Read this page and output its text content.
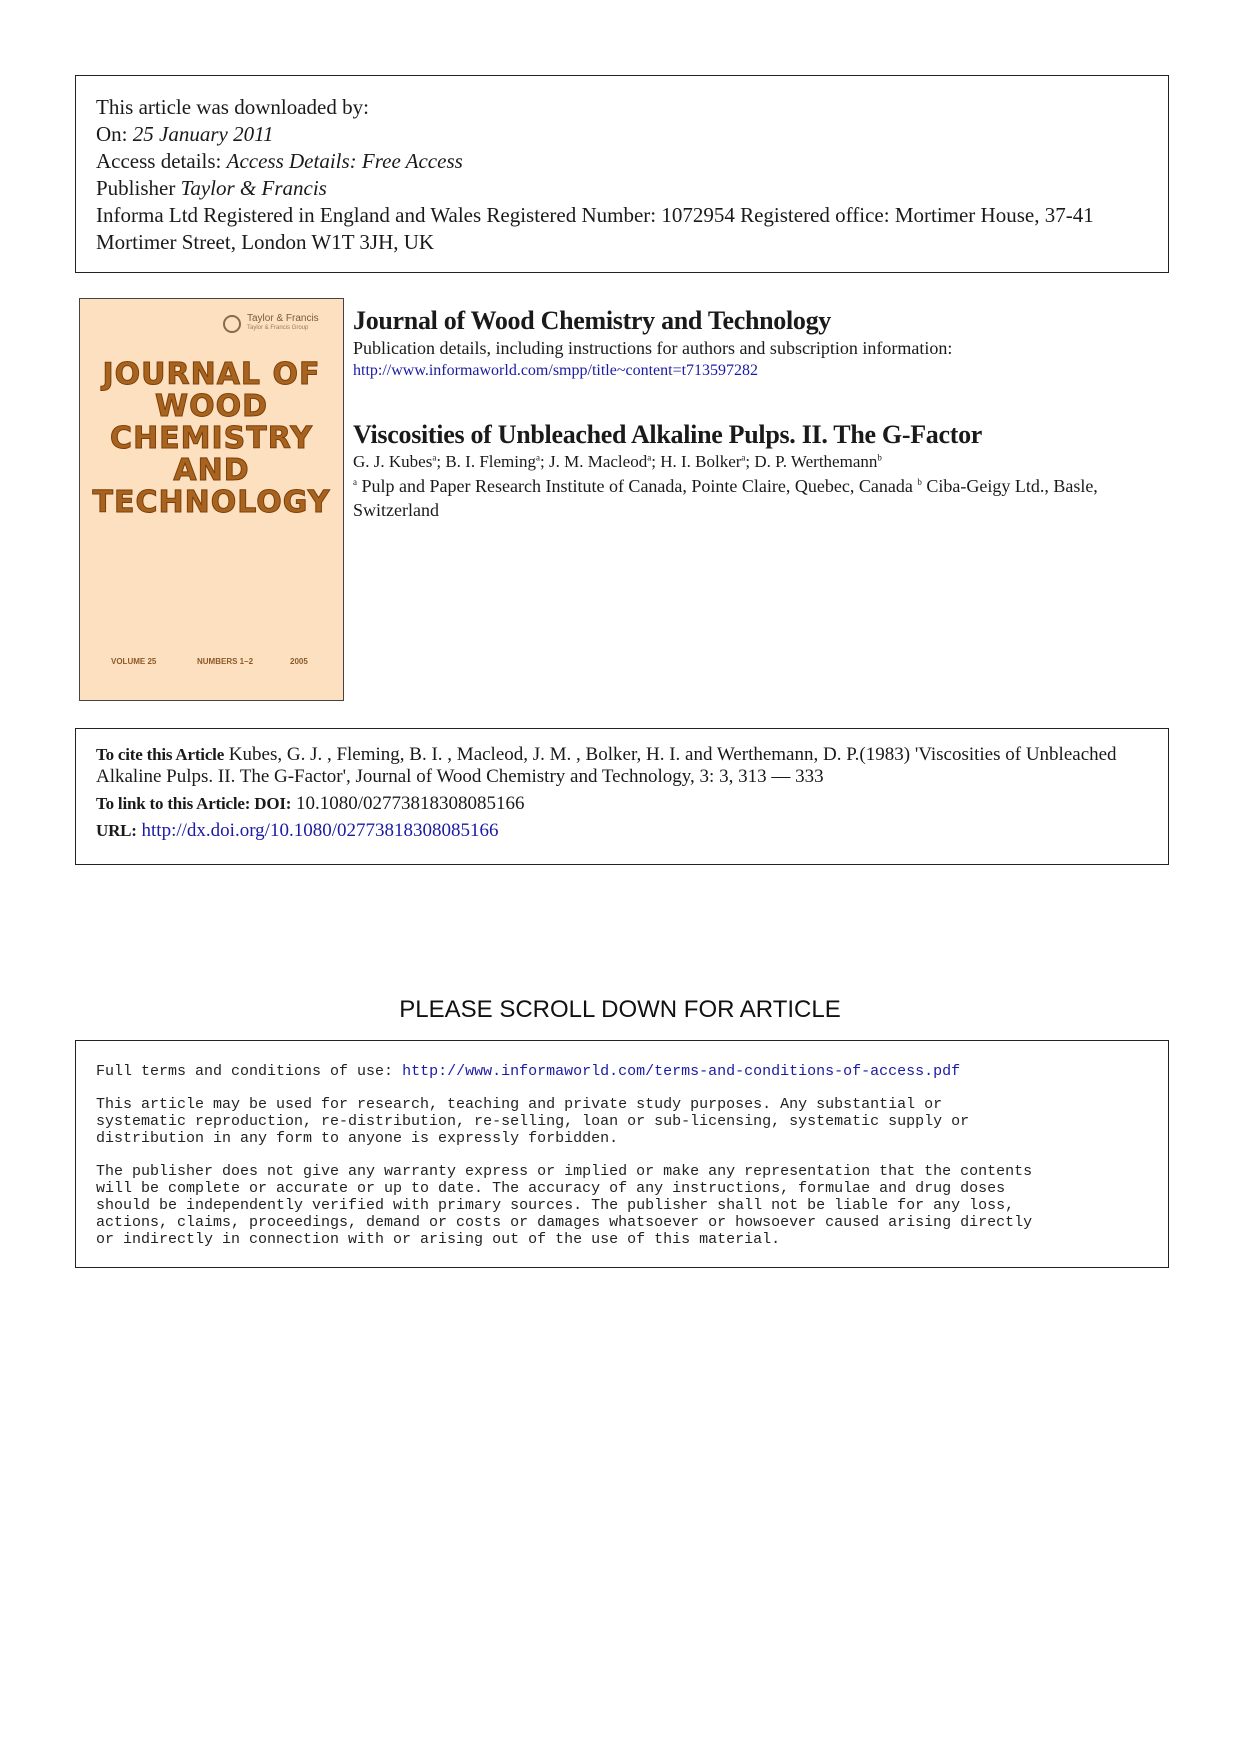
This article was downloaded by:
On: 25 January 2011
Access details: Access Details: Free Access
Publisher Taylor & Francis
Informa Ltd Registered in England and Wales Registered Number: 1072954 Registered office: Mortimer House, 37-41 Mortimer Street, London W1T 3JH, UK
Taylor & Francis
Taylor & Francis Group
JOURNAL OF
WOOD
CHEMISTRY
AND
TECHNOLOGY
VOLUME 25	NUMBERS 1–2	2005
Journal of Wood Chemistry and Technology
Publication details, including instructions for authors and subscription information:
http://www.informaworld.com/smpp/title~content=t713597282
Viscosities of Unbleached Alkaline Pulps. II. The G-Factor
G. J. Kubes$^a$; B. I. Fleming$^a$; J. M. Macleod$^a$; H. I. Bolker$^a$; D. P. Werthemann$^b$
$^a$ Pulp and Paper Research Institute of Canada, Pointe Claire, Quebec, Canada $^b$ Ciba-Geigy Ltd., Basle, Switzerland
To cite this Article Kubes, G. J. , Fleming, B. I. , Macleod, J. M. , Bolker, H. I. and Werthemann, D. P.(1983) 'Viscosities of Unbleached Alkaline Pulps. II. The G-Factor', Journal of Wood Chemistry and Technology, 3: 3, 313 — 333
To link to this Article: DOI: 10.1080/02773818308085166
URL: http://dx.doi.org/10.1080/02773818308085166
PLEASE SCROLL DOWN FOR ARTICLE

Full terms and conditions of use: http://www.informaworld.com/terms-and-conditions-of-access.pdf

This article may be used for research, teaching and private study purposes. Any substantial or
systematic reproduction, re-distribution, re-selling, loan or sub-licensing, systematic supply or
distribution in any form to anyone is expressly forbidden.

The publisher does not give any warranty express or implied or make any representation that the contents
will be complete or accurate or up to date. The accuracy of any instructions, formulae and drug doses
should be independently verified with primary sources. The publisher shall not be liable for any loss,
actions, claims, proceedings, demand or costs or damages whatsoever or howsoever caused arising directly
or indirectly in connection with or arising out of the use of this material.
